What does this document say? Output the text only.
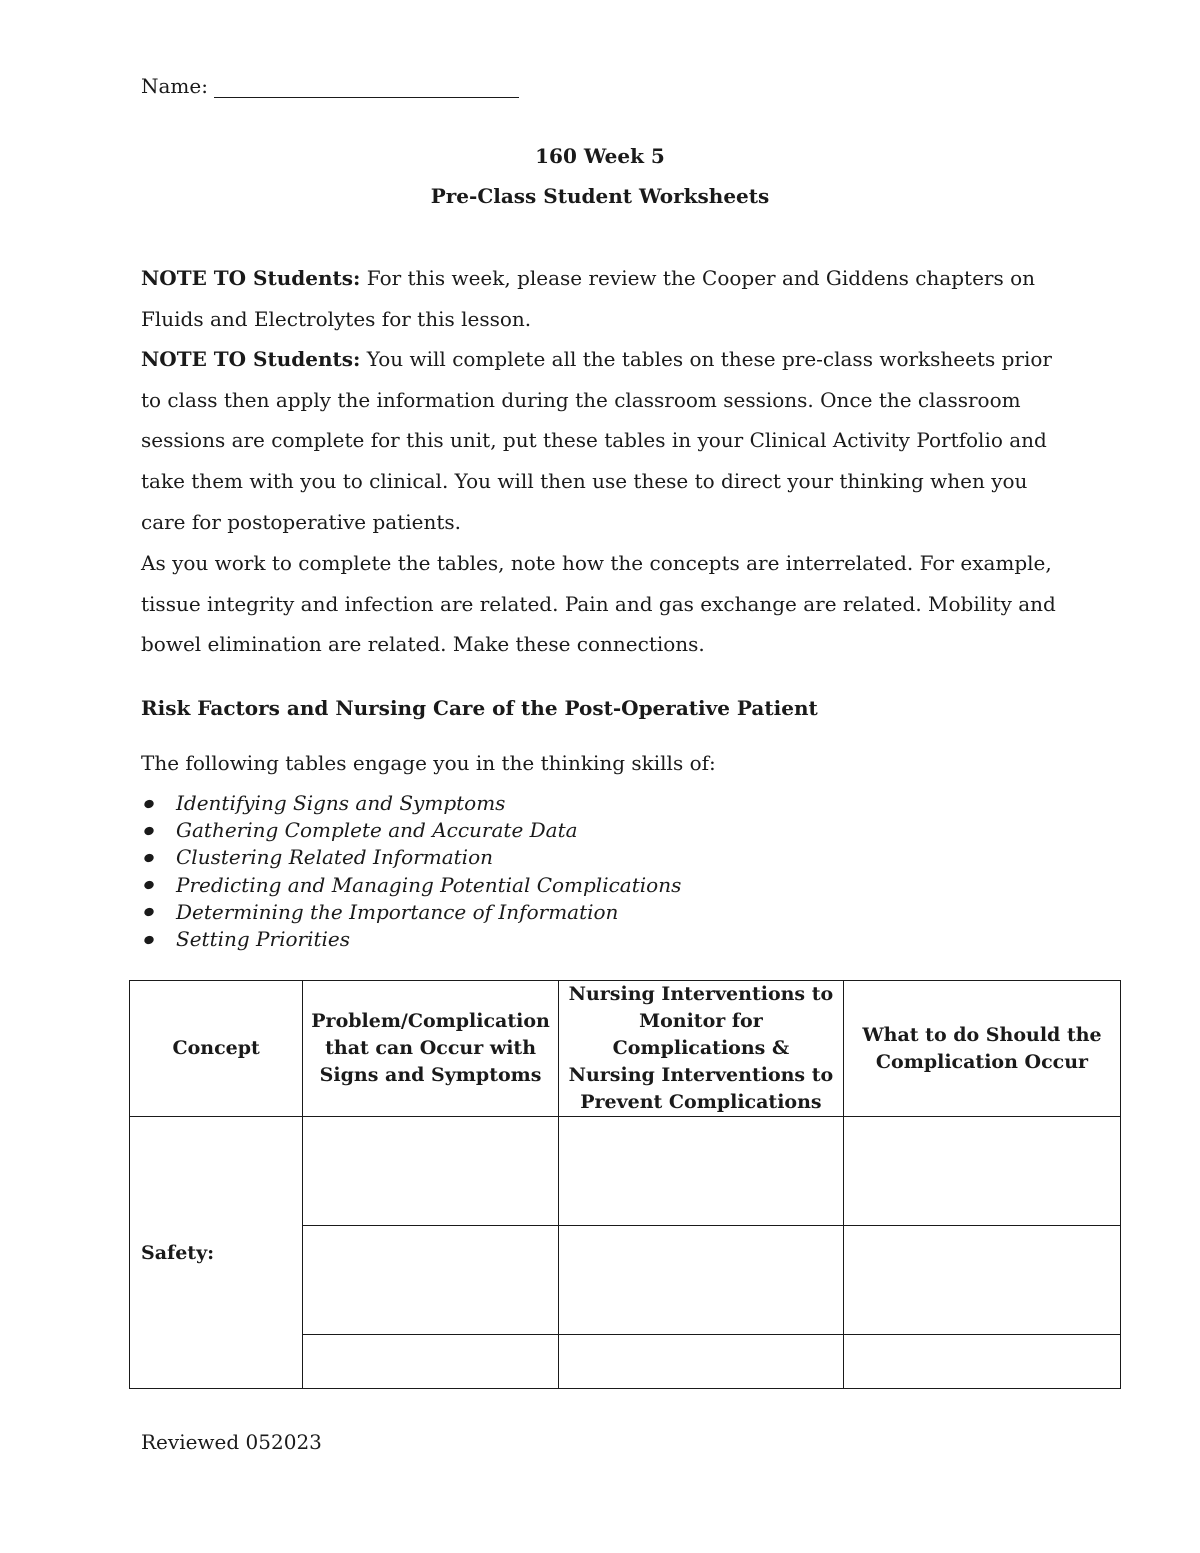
Name:
160 Week 5
Pre-Class Student Worksheets
NOTE TO Students: For this week, please review the Cooper and Giddens chapters on Fluids and Electrolytes for this lesson.
NOTE TO Students: You will complete all the tables on these pre-class worksheets prior to class then apply the information during the classroom sessions. Once the classroom sessions are complete for this unit, put these tables in your Clinical Activity Portfolio and take them with you to clinical. You will then use these to direct your thinking when you care for postoperative patients.
As you work to complete the tables, note how the concepts are interrelated. For example, tissue integrity and infection are related. Pain and gas exchange are related. Mobility and bowel elimination are related. Make these connections.
Risk Factors and Nursing Care of the Post-Operative Patient
The following tables engage you in the thinking skills of:
Identifying Signs and Symptoms
Gathering Complete and Accurate Data
Clustering Related Information
Predicting and Managing Potential Complications
Determining the Importance of Information
Setting Priorities
Concept	Problem/Complication that can Occur with Signs and Symptoms	Nursing Interventions to Monitor for Complications & Nursing Interventions to Prevent Complications	What to do Should the Complication Occur

Safety:			

Reviewed 052023
